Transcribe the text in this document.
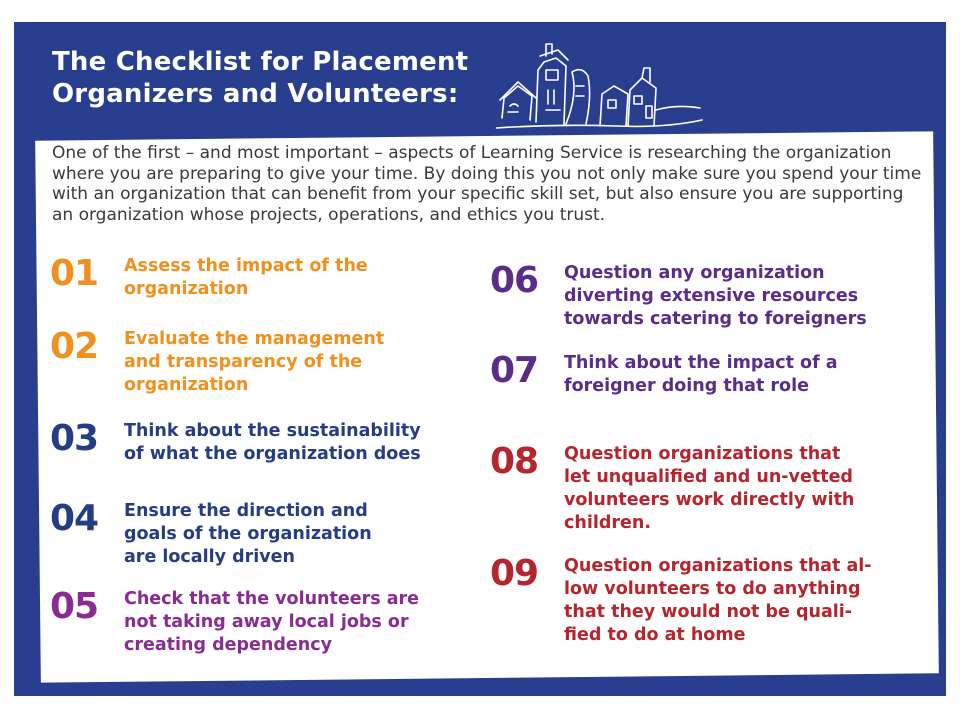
The Checklist for Placement
Organizers and Volunteers:

One of the first – and most important – aspects of Learning Service is researching the organization where you are preparing to give your time. By doing this you not only make sure you spend your time with an organization that can benefit from your specific skill set, but also ensure you are supporting an organization whose projects, operations, and ethics you trust.

01 Assess the impact of the
organization
02 Evaluate the management
and transparency of the
organization
03 Think about the sustainability
of what the organization does
04 Ensure the direction and
goals of the organization
are locally driven
05 Check that the volunteers are
not taking away local jobs or
creating dependency
06 Question any organization
diverting extensive resources
towards catering to foreigners
07 Think about the impact of a
foreigner doing that role
08 Question organizations that
let unqualified and un-vetted
volunteers work directly with
children.
09 Question organizations that al-
low volunteers to do anything
that they would not be quali-
fied to do at home
